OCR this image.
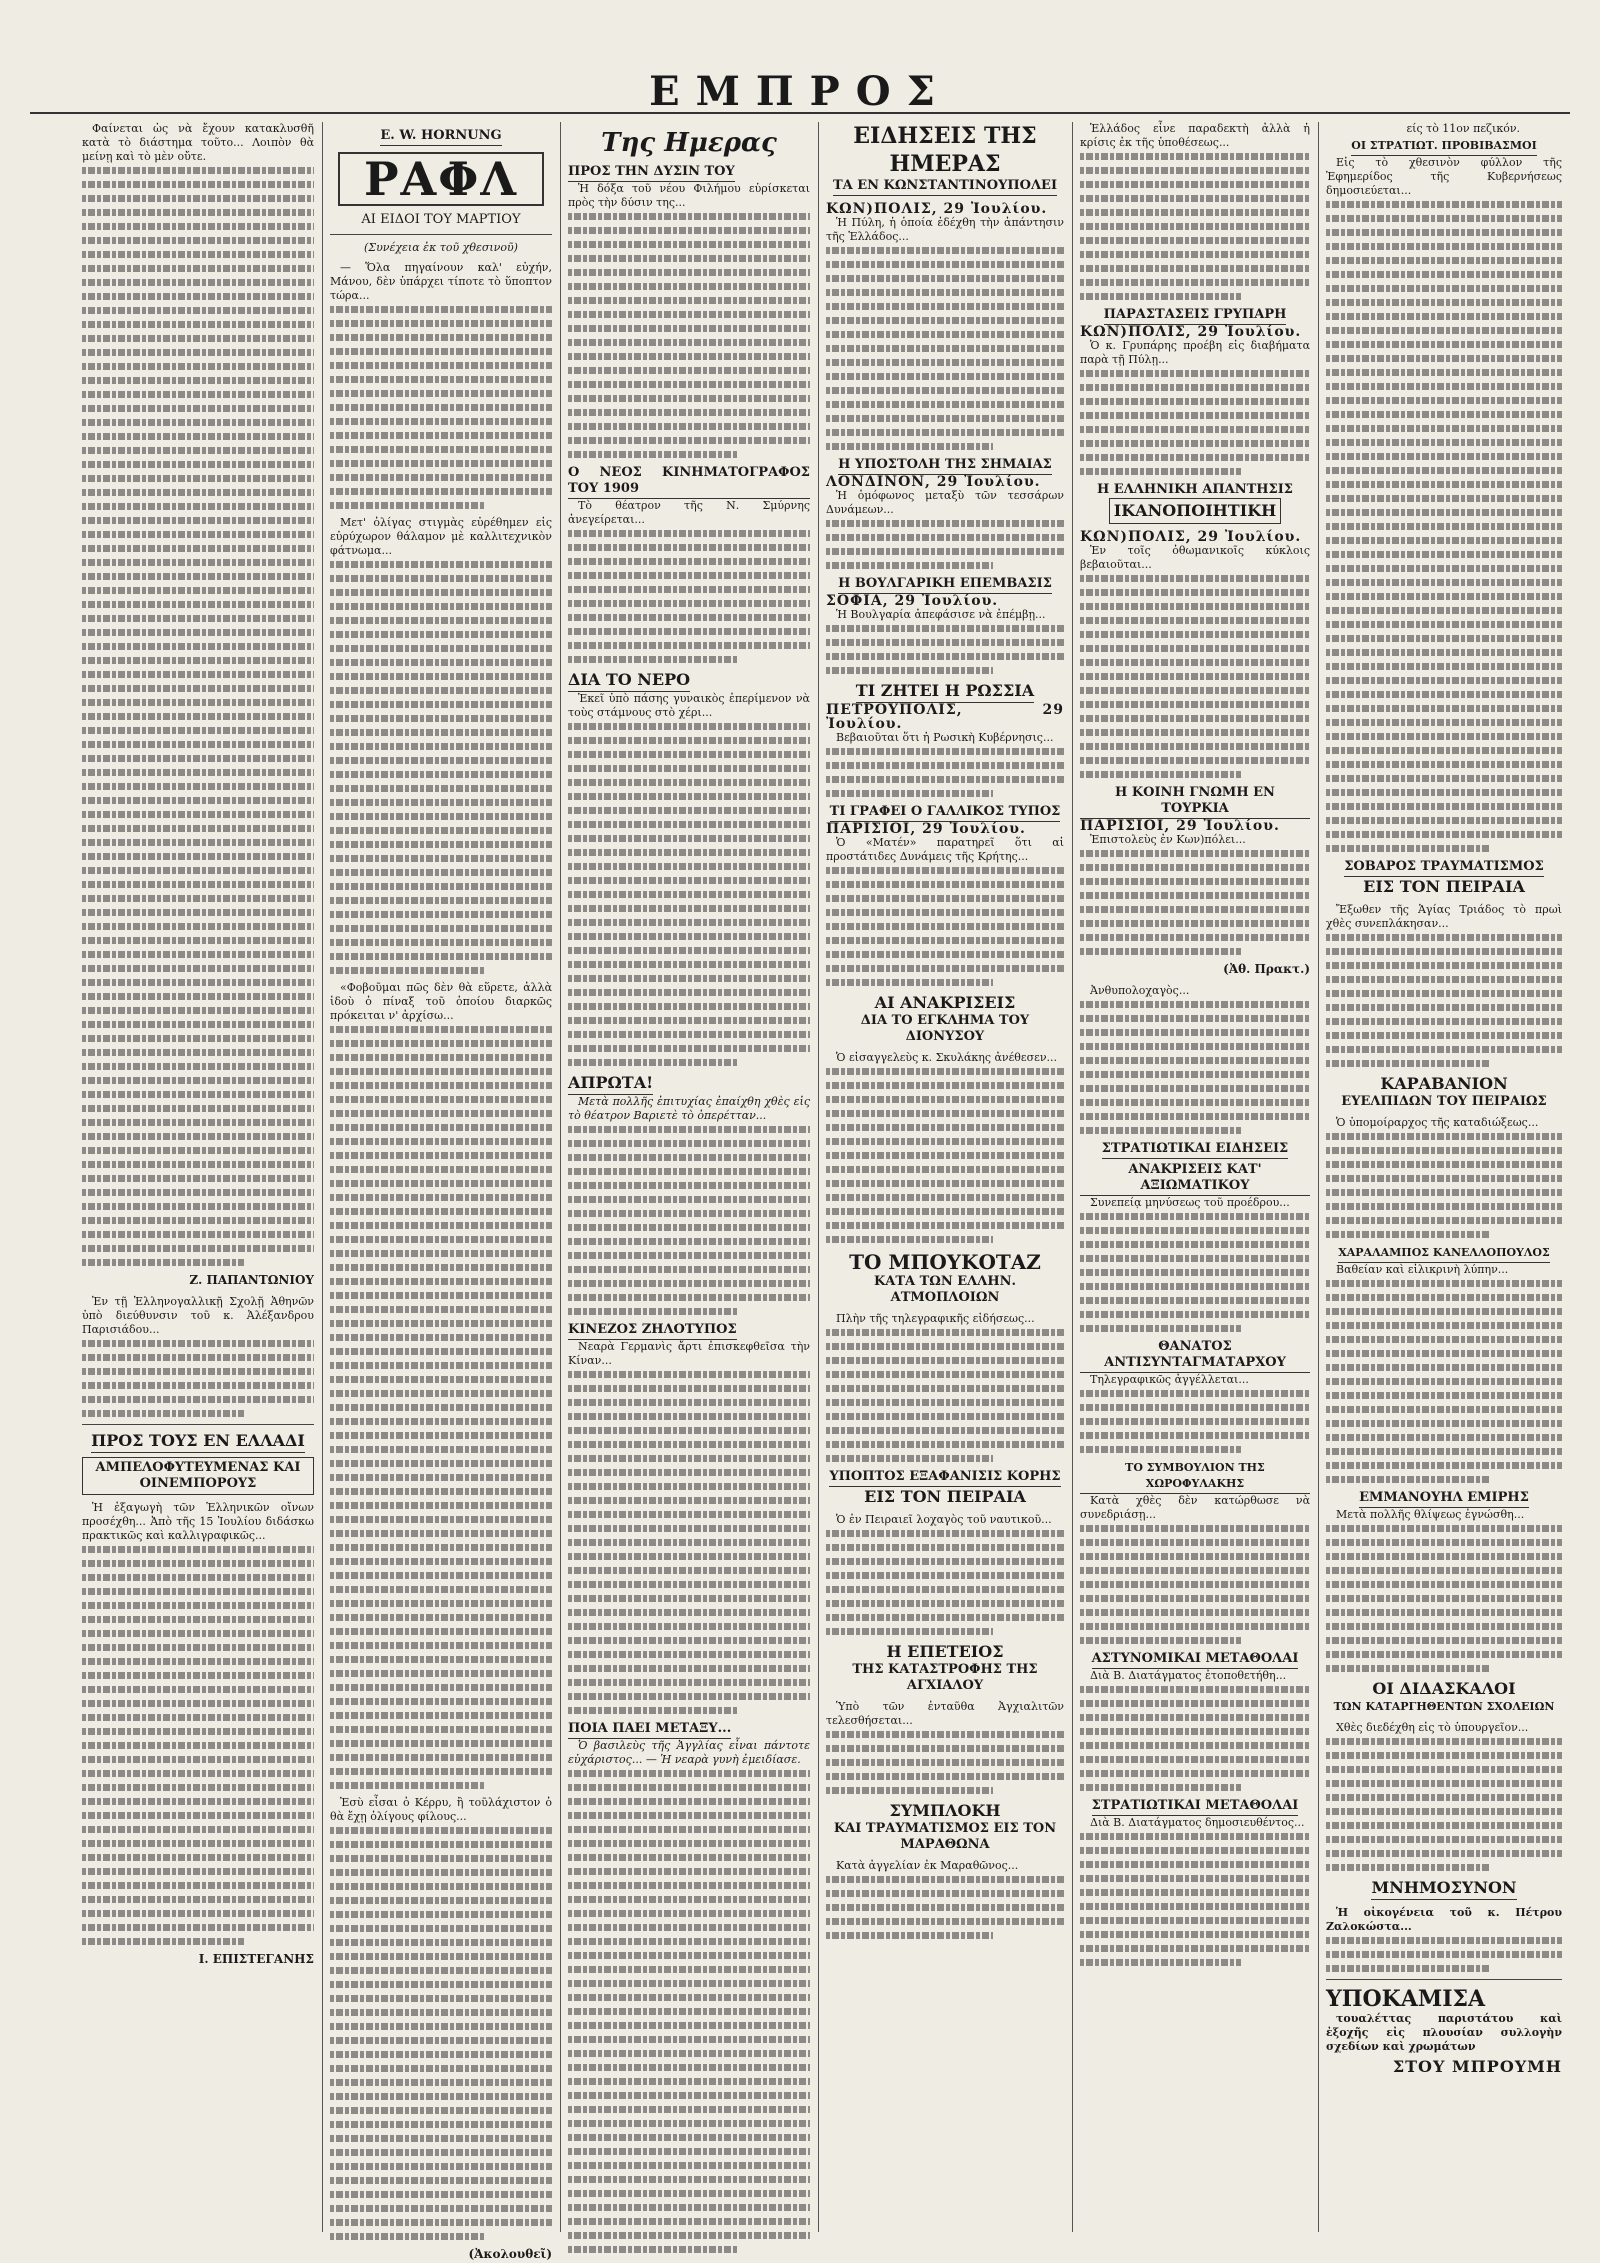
ΕΜΠΡΟΣ
είς τὸ 11ον πεζικόν.

Φαίνεται ὡς νὰ ἔχουν κατακλυσθῆ κατὰ τὸ διάστημα τοῦτο... Λοιπὸν θὰ μείνῃ καὶ τὸ μὲν οὔτε.

Ζ. ΠΑΠΑΝΤΩΝΙΟΥ

Ἐν τῇ Ἑλληνογαλλικῇ Σχολῇ Ἀθηνῶν ὑπὸ διεύθυνσιν τοῦ κ. Ἀλέξανδρου Παρισιάδου...

ΠΡΟΣ ΤΟΥΣ ΕΝ ΕΛΛΑΔΙ
ΑΜΠΕΛΟΦΥΤΕΥΜΕΝΑΣ ΚΑΙ ΟΙΝΕΜΠΟΡΟΥΣ

Ἡ ἐξαγωγὴ τῶν Ἑλληνικῶν οἴνων προσέχθη... Ἀπὸ τῆς 15 Ἰουλίου διδάσκω πρακτικῶς καὶ καλλιγραφικῶς...

Ι. ΕΠΙΣΤΕΓΑΝΗΣ
E. W. HORNUNG
ΡΑΦΛ
ΑΙ ΕΙΔΟΙ ΤΟΥ ΜΑΡΤΙΟΥ
(Συνέχεια ἐκ τοῦ χθεσινοῦ)

— Ὅλα πηγαίνουν καλ' εὐχήν, Μάνου, δὲν ὑπάρχει τίποτε τὸ ὕποπτον τώρα...

Μετ' ὀλίγας στιγμὰς εὑρέθημεν εἰς εὐρύχωρον θάλαμον μὲ καλλιτεχνικὸν φάτνωμα...

«Φοβοῦμαι πῶς δὲν θὰ εὕρετε, ἀλλὰ ἰδοὺ ὁ πίναξ τοῦ ὁποίου διαρκῶς πρόκειται ν' ἀρχίσω...

Ἐσὺ εἶσαι ὁ Κέρρυ, ἢ τοῦλάχιστον ὁ θὰ ἔχῃ ὀλίγους φίλους...

(Ἀκολουθεῖ)
Της Ημερας
ΠΡΟΣ ΤΗΝ ΔΥΣΙΝ ΤΟΥ

Ἡ δόξα τοῦ νέου Φιλήμου εὑρίσκεται πρὸς τὴν δύσιν της...

Ο ΝΕΟΣ ΚΙΝΗΜΑΤΟΓΡΑΦΟΣ ΤΟΥ 1909

Τὸ θέατρον τῆς Ν. Σμύρνης ἀνεγείρεται...

ΔΙΑ ΤΟ ΝΕΡΟ

Ἐκεῖ ὑπὸ πάσης γυναικὸς ἐπερίμενον νὰ τοὺς στάμνους στὸ χέρι...

ΑΠΡΩΤΑ!

Μετὰ πολλῆς ἐπιτυχίας ἐπαίχθη χθὲς εἰς τὸ θέατρον Βαριετὲ τὸ ὀπερέτταν...

ΚΙΝΕΖΟΣ ΖΗΛΟΤΥΠΟΣ

Νεαρὰ Γερμανὶς ἄρτι ἐπισκεφθεῖσα τὴν Κίναν...

ΠΟΙΑ ΠΑΕΙ ΜΕΤΑΞΥ...

Ὁ βασιλεὺς τῆς Ἀγγλίας εἶναι πάντοτε εὐχάριστος... — Ἡ νεαρὰ γυνὴ ἐμειδίασε.

ΕΙΔΗΣΕΙΣ ΤΗΣ ΗΜΕΡΑΣ
ΤΑ ΕΝ ΚΩΝΣΤΑΝΤΙΝΟΥΠΟΛΕΙ
ΚΩΝ)ΠΟΛΙΣ, 29 Ἰουλίου.

Ἡ Πύλη, ἡ ὁποία ἐδέχθη τὴν ἀπάντησιν τῆς Ἑλλάδος...

Η ΥΠΟΣΤΟΛΗ ΤΗΣ ΣΗΜΑΙΑΣ
ΛΟΝΔΙΝΟΝ, 29 Ἰουλίου.

Ἡ ὁμόφωνος μεταξὺ τῶν τεσσάρων Δυνάμεων...

Η ΒΟΥΛΓΑΡΙΚΗ ΕΠΕΜΒΑΣΙΣ
ΣΟΦΙΑ, 29 Ἰουλίου.

Ἡ Βουλγαρία ἀπεφάσισε νὰ ἐπέμβῃ...

ΤΙ ΖΗΤΕΙ Η ΡΩΣΣΙΑ
ΠΕΤΡΟΥΠΟΛΙΣ, 29 Ἰουλίου.

Βεβαιοῦται ὅτι ἡ Ρωσικὴ Κυβέρνησις...

ΤΙ ΓΡΑΦΕΙ Ο ΓΑΛΛΙΚΟΣ ΤΥΠΟΣ
ΠΑΡΙΣΙΟΙ, 29 Ἰουλίου.

Ὁ «Ματέν» παρατηρεῖ ὅτι αἱ προστάτιδες Δυνάμεις τῆς Κρήτης...

ΑΙ ΑΝΑΚΡΙΣΕΙΣ
ΔΙΑ ΤΟ ΕΓΚΛΗΜΑ ΤΟΥ ΔΙΟΝΥΣΟΥ

Ὁ εἰσαγγελεὺς κ. Σκυλάκης ἀνέθεσεν...

ΤΟ ΜΠΟΥΚΟΤΑΖ
ΚΑΤΑ ΤΩΝ ΕΛΛΗΝ. ΑΤΜΟΠΛΟΙΩΝ

Πλὴν τῆς τηλεγραφικῆς εἰδήσεως...

ΥΠΟΠΤΟΣ ΕΞΑΦΑΝΙΣΙΣ ΚΟΡΗΣ
ΕΙΣ ΤΟΝ ΠΕΙΡΑΙΑ

Ὁ ἐν Πειραιεῖ λοχαγὸς τοῦ ναυτικοῦ...

Η ΕΠΕΤΕΙΟΣ
ΤΗΣ ΚΑΤΑΣΤΡΟΦΗΣ ΤΗΣ ΑΓΧΙΑΛΟΥ

Ὑπὸ τῶν ἐνταῦθα Ἀγχιαλιτῶν τελεσθήσεται...

ΣΥΜΠΛΟΚΗ
ΚΑΙ ΤΡΑΥΜΑΤΙΣΜΟΣ ΕΙΣ ΤΟΝ ΜΑΡΑΘΩΝΑ

Κατὰ ἀγγελίαν ἐκ Μαραθῶνος...

Ἑλλάδος εἶνε παραδεκτὴ ἀλλὰ ἡ κρίσις ἐκ τῆς ὑποθέσεως...

ΠΑΡΑΣΤΑΣΕΙΣ ΓΡΥΠΑΡΗ
ΚΩΝ)ΠΟΛΙΣ, 29 Ἰουλίου.

Ὁ κ. Γρυπάρης προέβη εἰς διαβήματα παρὰ τῇ Πύλῃ...

Η ΕΛΛΗΝΙΚΗ ΑΠΑΝΤΗΣΙΣ
ΙΚΑΝΟΠΟΙΗΤΙΚΗ
ΚΩΝ)ΠΟΛΙΣ, 29 Ἰουλίου.

Ἐν τοῖς ὀθωμανικοῖς κύκλοις βεβαιοῦται...

Η ΚΟΙΝΗ ΓΝΩΜΗ ΕΝ ΤΟΥΡΚΙΑ
ΠΑΡΙΣΙΟΙ, 29 Ἰουλίου.

Ἐπιστολεὺς ἐν Κων)πόλει...

(Ἀθ. Πρακτ.)

Ἀνθυπολοχαγὸς...

ΣΤΡΑΤΙΩΤΙΚΑΙ ΕΙΔΗΣΕΙΣ
ΑΝΑΚΡΙΣΕΙΣ ΚΑΤ' ΑΞΙΩΜΑΤΙΚΟΥ

Συνεπείᾳ μηνύσεως τοῦ προέδρου...

ΘΑΝΑΤΟΣ ΑΝΤΙΣΥΝΤΑΓΜΑΤΑΡΧΟΥ

Τηλεγραφικῶς ἀγγέλλεται...

ΤΟ ΣΥΜΒΟΥΛΙΟΝ ΤΗΣ ΧΩΡΟΦΥΛΑΚΗΣ

Κατὰ χθὲς δὲν κατώρθωσε νὰ συνεδριάσῃ...

ΑΣΤΥΝΟΜΙΚΑΙ ΜΕΤΑΘΟΛΑΙ

Διὰ Β. Διατάγματος ἐτοποθετήθη...

ΣΤΡΑΤΙΩΤΙΚΑΙ ΜΕΤΑΘΟΛΑΙ

Διὰ Β. Διατάγματος δημοσιευθέντος...

ΟΙ ΣΤΡΑΤΙΩΤ. ΠΡΟΒΙΒΑΣΜΟΙ

Εἰς τὸ χθεσινὸν φύλλον τῆς Ἐφημερίδος τῆς Κυβερνήσεως δημοσιεύεται...

ΣΟΒΑΡΟΣ ΤΡΑΥΜΑΤΙΣΜΟΣ

ΕΙΣ ΤΟΝ ΠΕΙΡΑΙΑ

Ἔξωθεν τῆς Ἁγίας Τριάδος τὸ πρωὶ χθὲς συνεπλάκησαν...

ΚΑΡΑΒΑΝΙΟΝ
ΕΥΕΛΠΙΔΩΝ ΤΟΥ ΠΕΙΡΑΙΩΣ

Ὁ ὑπομοίραρχος τῆς καταδιώξεως...

ΧΑΡΑΛΑΜΠΟΣ ΚΑΝΕΛΛΟΠΟΥΛΟΣ

Βαθείαν καὶ εἰλικρινὴ λύπην...

ΕΜΜΑΝΟΥΗΛ ΕΜΙΡΗΣ

Μετὰ πολλῆς θλίψεως ἐγνώσθη...

ΟΙ ΔΙΔΑΣΚΑΛΟΙ
ΤΩΝ ΚΑΤΑΡΓΗΘΕΝΤΩΝ ΣΧΟΛΕΙΩΝ

Χθὲς διεδέχθη εἰς τὸ ὑπουργεῖον...

ΜΝΗΜΟΣΥΝΟΝ

Ἡ οἰκογένεια τοῦ κ. Πέτρου Ζαλοκώστα...

ΥΠΟΚΑΜΙΣΑ

τουαλέττας παριστάτου καὶ ἐξοχῆς εἰς πλουσίαν συλλογὴν σχεδίων καὶ χρωμάτων

ΣΤΟΥ ΜΠΡΟΥΜΗ
